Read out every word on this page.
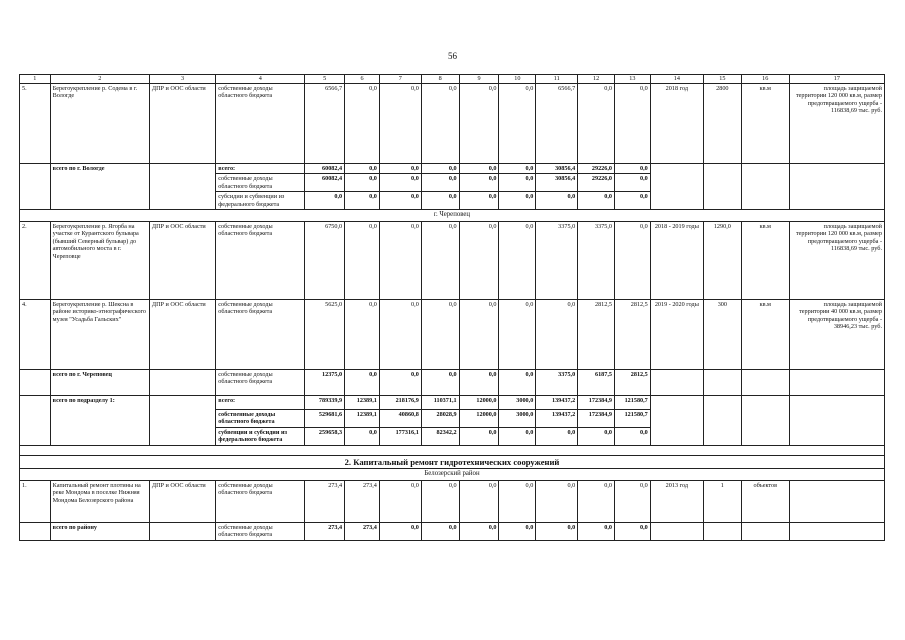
56
1	2	3	4	5	6	7	8	9	10	11	12	13	14	15	16	17
5.	Берегоукрепление р. Содема в г. Вологде	ДПР и ООС области	собственные доходы областного бюджета	6566,7	0,0	0,0	0,0	0,0	0,0	6566,7	0,0	0,0	2018 год	2800	кв.м	площадь защищаемой территории 120 000 кв.м, размер предотвращаемого ущерба - 116838,69 тыс. руб.
	всего по г. Вологде		всего:	60082,4	0,0	0,0	0,0	0,0	0,0	30856,4	29226,0	0,0				
			собственные доходы областного бюджета	60082,4	0,0	0,0	0,0	0,0	0,0	30856,4	29226,0	0,0				
			субсидии и субвенции из федерального бюджета	0,0	0,0	0,0	0,0	0,0	0,0	0,0	0,0	0,0				
г. Череповец																
2.	Берегоукрепление р. Ягорба на участке от Курантского бульвара (бывший Северный бульвар) до автомобильного моста в г. Череповце	ДПР и ООС области	собственные доходы областного бюджета	6750,0	0,0	0,0	0,0	0,0	0,0	3375,0	3375,0	0,0	2018 - 2019 годы	1290,0	кв.м	площадь защищаемой территории 120 000 кв.м, размер предотвращаемого ущерба - 116838,69 тыс. руб.
4.	Берегоукрепление р. Шексна в районе историко-этнографического музея "Усадьба Гальских"	ДПР и ООС области	собственные доходы областного бюджета	5625,0	0,0	0,0	0,0	0,0	0,0	0,0	2812,5	2812,5	2019 - 2020 годы	300	кв.м	площадь защищаемой территории 40 000 кв.м, размер предотвращаемого ущерба - 38946,23 тыс. руб.
	всего по г. Череповец		собственные доходы областного бюджета	12375,0	0,0	0,0	0,0	0,0	0,0	3375,0	6187,5	2812,5				
	всего по подразделу 1:		всего:	789339,9	12389,1	218176,9	110371,1	12000,0	3000,0	139437,2	172384,9	121580,7				
			собственные доходы областного бюджета	529681,6	12389,1	40860,8	28028,9	12000,0	3000,0	139437,2	172384,9	121580,7				
			субвенции и субсидии из федерального бюджета	259658,3	0,0	177316,1	82342,2	0,0	0,0	0,0	0,0	0,0				

2. Капитальный ремонт гидротехнических сооружений																
Белозерский район																
1.	Капитальный ремонт плотины на реке Мондома в поселке Нижняя Мондома Белозерского района	ДПР и ООС области	собственные доходы областного бюджета	273,4	273,4	0,0	0,0	0,0	0,0	0,0	0,0	0,0	2013 год	1	объектов	
	всего по району		собственные доходы областного бюджета	273,4	273,4	0,0	0,0	0,0	0,0	0,0	0,0	0,0				
